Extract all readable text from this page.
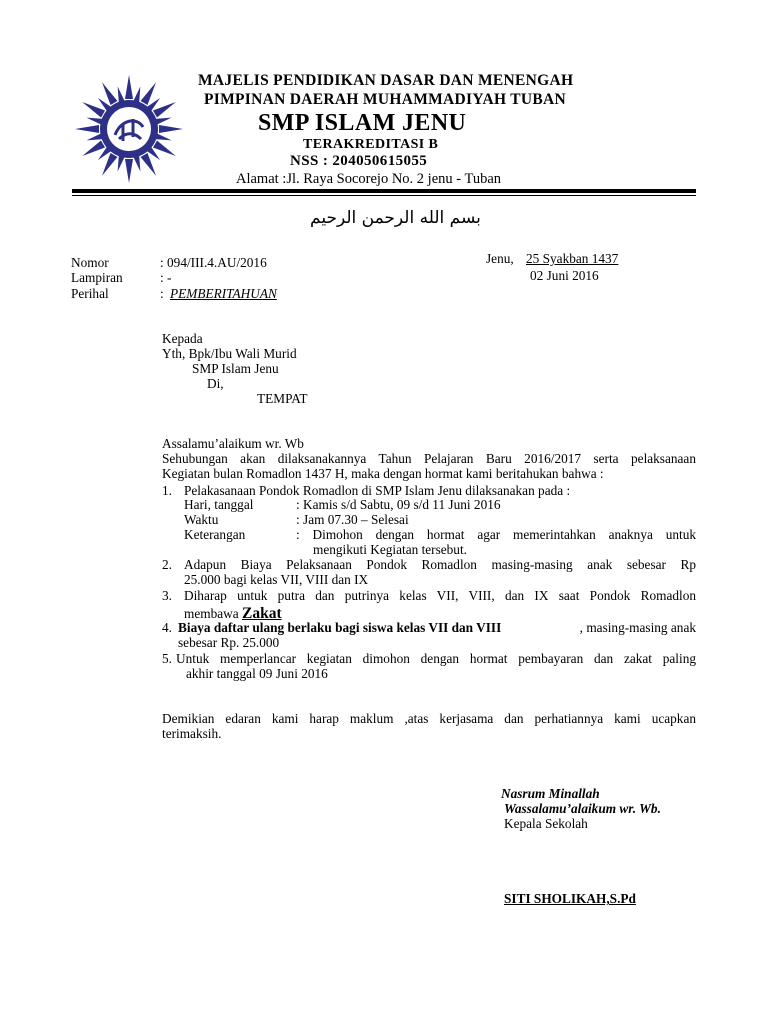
MAJELIS PENDIDIKAN DASAR DAN MENENGAH
PIMPINAN DAERAH MUHAMMADIYAH TUBAN
SMP ISLAM JENU
TERAKREDITASI B
NSS : 204050615055
Alamat :Jl. Raya Socorejo No. 2 jenu - Tuban
بسم الله الرحمن الرحيم
Nomor	: 094/III.4.AU/2016
Lampiran	: -
Perihal	: PEMBERITAHUAN
Jenu, 25 Syakban 1437
02 Juni 2016
Kepada
Yth, Bpk/Ibu Wali Murid
SMP Islam Jenu
Di,
TEMPAT
Assalamu’alaikum wr. Wb
Sehubungan akan dilaksanakannya Tahun Pelajaran Baru 2016/2017 serta pelaksanaan
Kegiatan bulan Romadlon 1437 H, maka dengan hormat kami beritahukan bahwa :
1. Pelakasanaan Pondok Romadlon di SMP Islam Jenu dilaksanakan pada :
Hari, tanggal	: Kamis s/d Sabtu, 09 s/d 11 Juni 2016
Waktu	: Jam 07.30 – Selesai
Keterangan	: Dimohon dengan hormat agar memerintahkan anaknya untuk
mengikuti Kegiatan tersebut.
2. Adapun Biaya Pelaksanaan Pondok Romadlon masing-masing anak sebesar Rp
25.000 bagi kelas VII, VIII dan IX
3. Diharap untuk putra dan putrinya kelas VII, VIII, dan IX saat Pondok Romadlon
membawa Zakat
4. Biaya daftar ulang berlaku bagi siswa kelas VII dan VIII	, masing-masing anak
sebesar Rp. 25.000
5. Untuk memperlancar kegiatan dimohon dengan hormat pembayaran dan zakat paling
akhir tanggal 09 Juni 2016
Demikian edaran kami harap maklum ,atas kerjasama dan perhatiannya kami ucapkan
terimaksih.
Nasrum Minallah
Wassalamu’alaikum wr. Wb.
Kepala Sekolah
SITI SHOLIKAH,S.Pd
